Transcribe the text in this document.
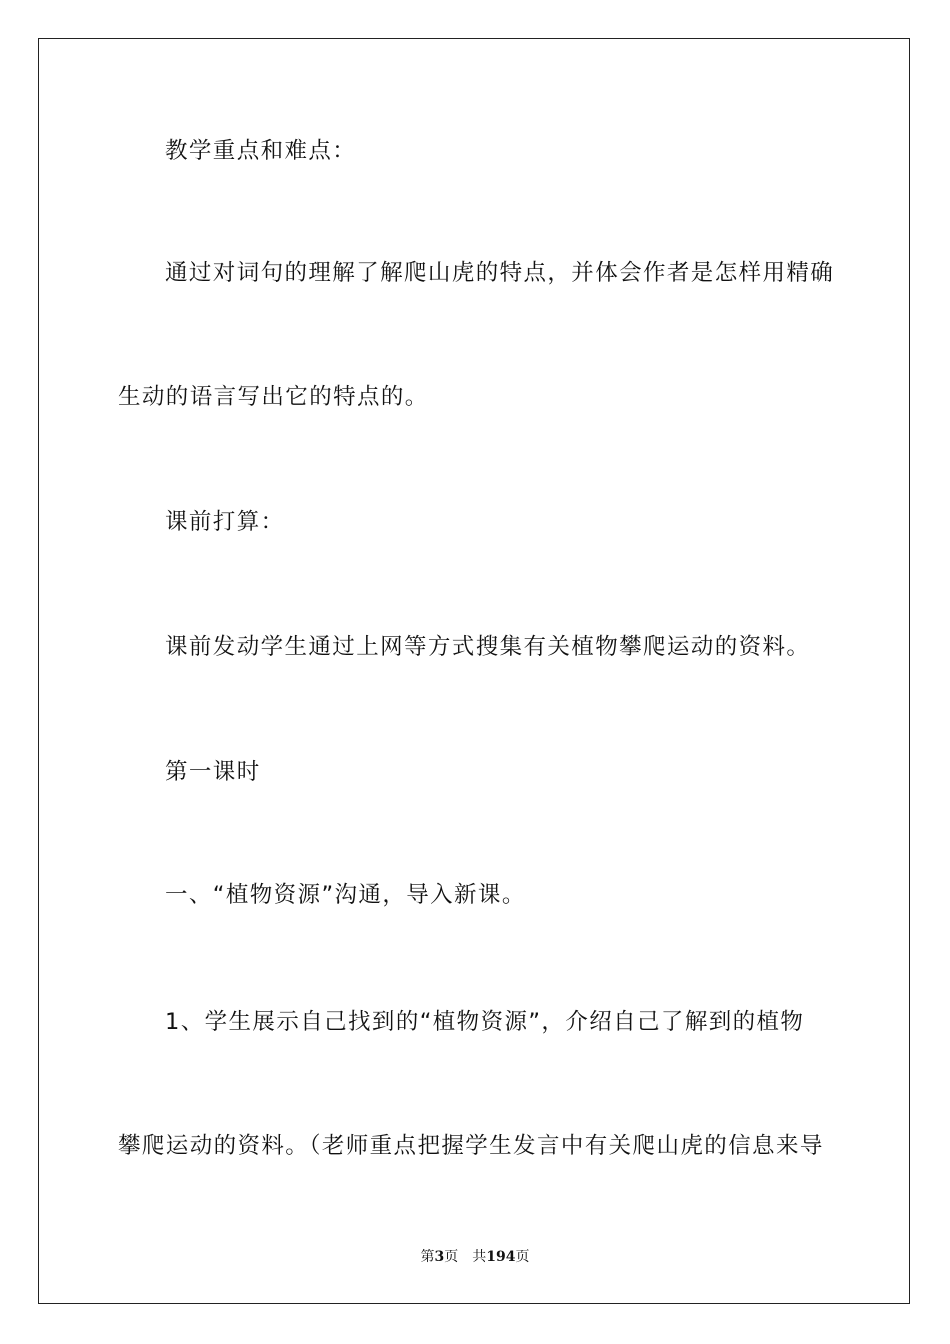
教学重点和难点：
通过对词句的理解了解爬山虎的特点，并体会作者是怎样用精确
生动的语言写出它的特点的。
课前打算：
课前发动学生通过上网等方式搜集有关植物攀爬运动的资料。
第一课时
一、“植物资源”沟通，导入新课。
1、学生展示自己找到的“植物资源”，介绍自己了解到的植物
攀爬运动的资料。（老师重点把握学生发言中有关爬山虎的信息来导
第3页 共194页
